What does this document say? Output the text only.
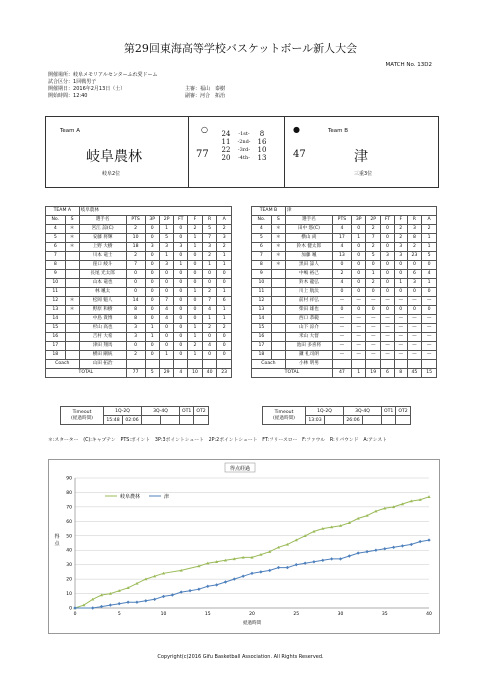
第29回東海高等学校バスケットボール新人大会
MATCH No. 13D2
開催場所：岐阜メモリアルセンターふれ愛ドーム
試合区分：1回戦男子
開催期日：2016年2月13日（土）	主審 ： 福山　泰樹
開始時間：12:40	副審 ： 河合　拓治
Team A
岐阜農林
岐阜2位
○
77
24	-1st-	8
11	-2nd-	16
22	-3rd-	10
20	-4th-	13
●
47
Team B
津
三重3位
TEAM A		岐阜農林							
No.	S	選手名	PTS	3P	2P	FT	F	R	A
4	＊	宮江 諒(C)	2	0	1	0	2	5	2
5	＊	安藤 将輝	10	0	5	0	1	7	3
6	＊	上野 大樹	18	3	3	3	1	3	2
7		川本 竜士	2	0	1	0	0	2	1
8		窪口 綾斗	7	0	3	1	0	1	1
9		長尾 光太郎	0	0	0	0	0	0	0
10		山本 竜也	0	0	0	0	0	0	0
11		林 颯太	0	0	0	0	1	2	1
12	＊	松岡 魁人	14	0	7	0	0	7	6
13	＊	野原 和樹	8	0	4	0	0	4	1
14		中島 貴博	8	0	4	0	0	1	1
15		杉山 高也	3	1	0	0	1	2	2
16		吉村 大希	3	1	0	0	1	0	0
17		津田 翔馬	0	0	0	0	2	4	0
18		横田 剛統	2	0	1	0	1	0	0
Coach		山田 拓治							
TOTAL			77	5	29	4	10	40	23
TEAM B		津							
No.	S	選手名	PTS	3P	2P	FT	F	R	A
4	＊	田中 悠(C)	4	0	2	0	2	3	2
5	＊	横山 尚	17	1	7	0	2	8	1
6	＊	鈴木 健太郎	4	0	2	0	3	2	1
7	＊	加藤 颯	13	0	5	3	3	23	5
8	＊	黒田 諒人	0	0	0	0	0	0	0
9		中嶋 裕己	2	0	1	0	0	6	4
10		鈴木 龍弘	4	0	2	0	1	3	1
11		川上 航汰	0	0	0	0	0	0	0
12		前村 祥弘	—	—	—	—	—	—	—
13		柴田 雄也	0	0	0	0	0	0	0
14		西口 恭範	—	—	—	—	—	—	—
15		山下 涼介	—	—	—	—	—	—	—
16		米山 大督	—	—	—	—	—	—	—
17		池田 多喜将	—	—	—	—	—	—	—
18		鎌 礼司朗	—	—	—	—	—	—	—
Coach		小林 明男							
TOTAL			47	1	19	6	8	45	15
Timeout
(経過時間)	1Q-2Q		3Q-4Q		OT1	OT2
	15:48	02:06				
Timeout
(経過時間)	1Q-2Q		3Q-4Q		OT1	OT2
	13:03		26:06			
＊:スターター　(C):キャプテン　PTS:ポイント　3P:3ポイントシュート　2P:2ポイントシュート　FT:フリースロー　F:ファウル　R:リバウンド　A:アシスト
得点経過
0
10
20
30
40
50
60
70
80
90
0	5	10	15	20	25	30	35	40
経過時間
得
点
岐阜農林	津
Copyright(c)2016 Gifu Basketball Association. All Rights Reserved.
